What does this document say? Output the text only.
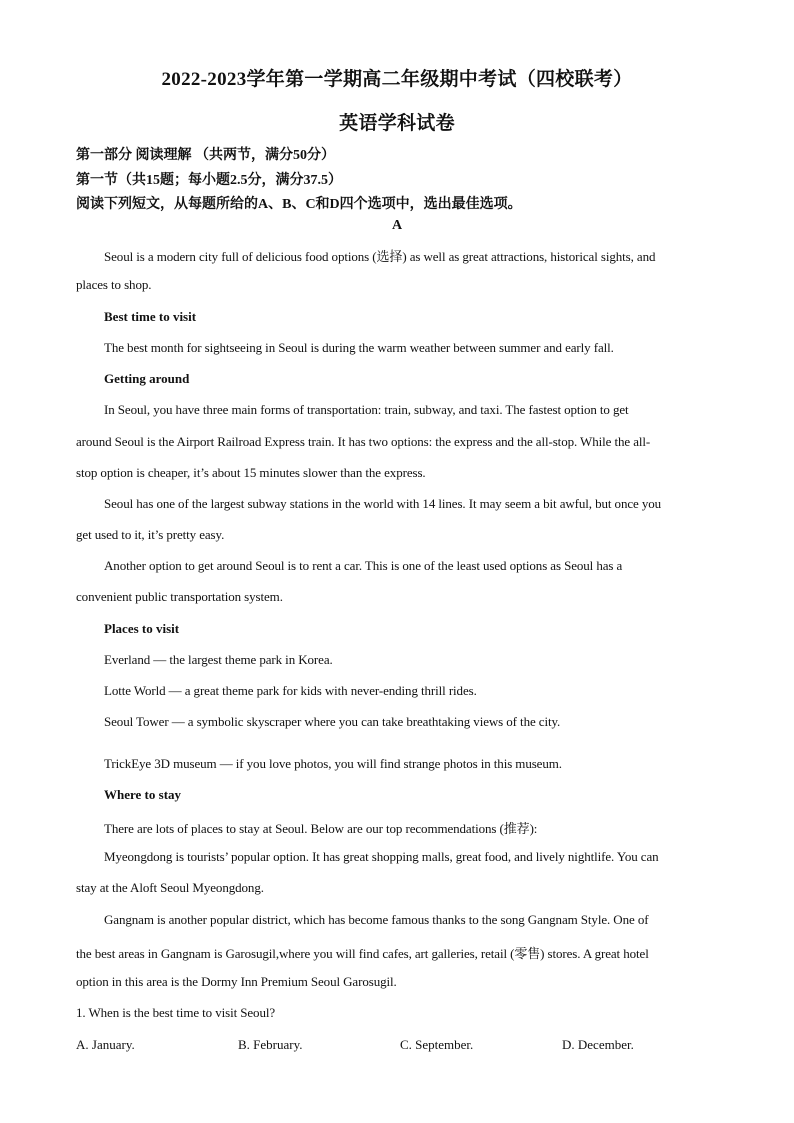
2022-2023学年第一学期高二年级期中考试（四校联考）
英语学科试卷
第一部分 阅读理解 （共两节，满分50分）
第一节（共15题；每小题2.5分，满分37.5）
阅读下列短文，从每题所给的A、B、C和D四个选项中，选出最佳选项。
A
Seoul is a modern city full of delicious food options (选择) as well as great attractions, historical sights, and
places to shop.
Best time to visit
The best month for sightseeing in Seoul is during the warm weather between summer and early fall.
Getting around
In Seoul, you have three main forms of transportation: train, subway, and taxi. The fastest option to get
around Seoul is the Airport Railroad Express train. It has two options: the express and the all-stop. While the all-
stop option is cheaper, it’s about 15 minutes slower than the express.
Seoul has one of the largest subway stations in the world with 14 lines. It may seem a bit awful, but once you
get used to it, it’s pretty easy.
Another option to get around Seoul is to rent a car. This is one of the least used options as Seoul has a
convenient public transportation system.
Places to visit
Everland — the largest theme park in Korea.
Lotte World — a great theme park for kids with never-ending thrill rides.
Seoul Tower — a symbolic skyscraper where you can take breathtaking views of the city.
TrickEye 3D museum — if you love photos, you will find strange photos in this museum.
Where to stay
There are lots of places to stay at Seoul. Below are our top recommendations (推荐):
Myeongdong is tourists’ popular option. It has great shopping malls, great food, and lively nightlife. You can
stay at the Aloft Seoul Myeongdong.
Gangnam is another popular district, which has become famous thanks to the song Gangnam Style. One of
the best areas in Gangnam is Garosugil,where you will find cafes, art galleries, retail (零售) stores. A great hotel
option in this area is the Dormy Inn Premium Seoul Garosugil.
1. When is the best time to visit Seoul?
A. January.	B. February.	C. September.	D. December.
